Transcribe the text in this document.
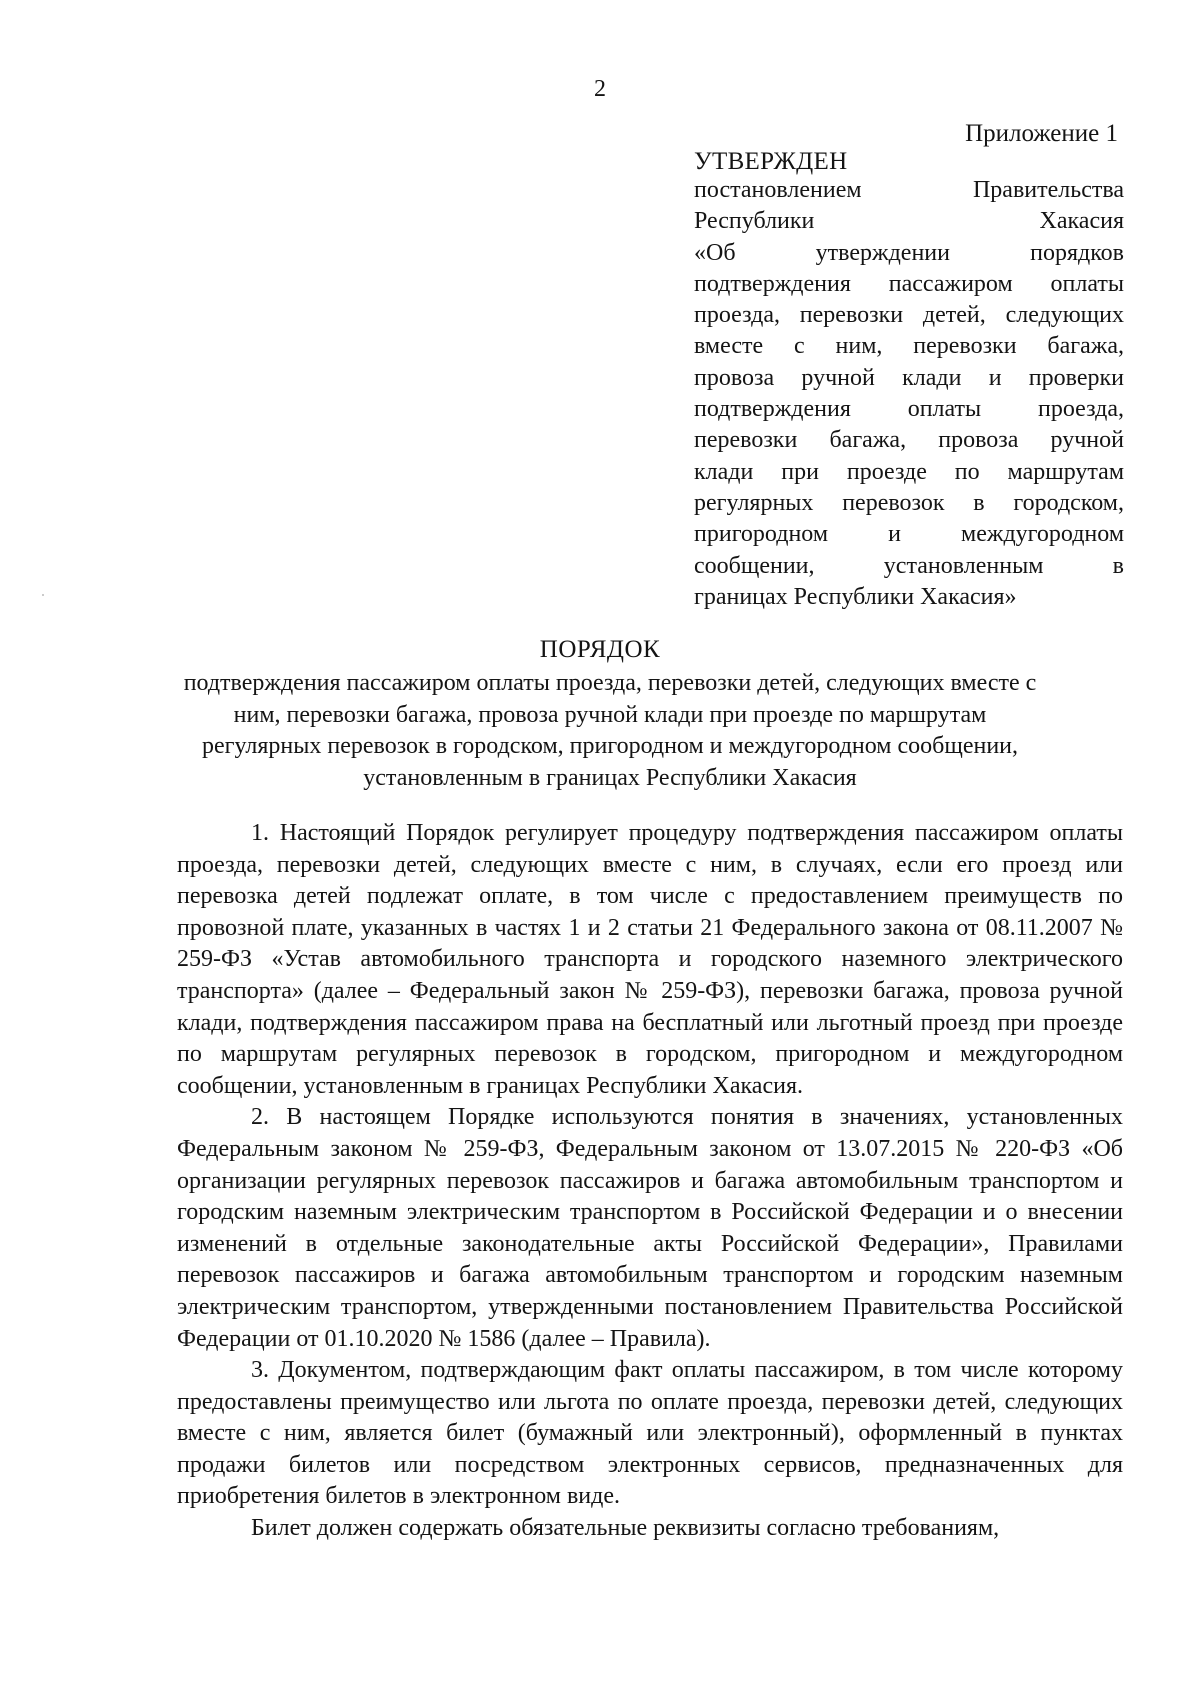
2
Приложение 1
УТВЕРЖДЕН
постановлением Правительства
Республики Хакасия
«Об утверждении порядков
подтверждения пассажиром оплаты
проезда, перевозки детей, следующих
вместе с ним, перевозки багажа,
провоза ручной клади и проверки
подтверждения оплаты проезда,
перевозки багажа, провоза ручной
клади при проезде по маршрутам
регулярных перевозок в городском,
пригородном и междугородном
сообщении, установленным в
границах Республики Хакасия»
ПОРЯДОК
подтверждения пассажиром оплаты проезда, перевозки детей, следующих вместе с
ним, перевозки багажа, провоза ручной клади при проезде по маршрутам
регулярных перевозок в городском, пригородном и междугородном сообщении,
установленным в границах Республики Хакасия

1. Настоящий Порядок регулирует процедуру подтверждения пассажиром оплаты проезда, перевозки детей, следующих вместе с ним, в случаях, если его проезд или перевозка детей подлежат оплате, в том числе с предоставлением преимуществ по провозной плате, указанных в частях 1 и 2 статьи 21 Федерального закона от 08.11.2007 № 259-ФЗ «Устав автомобильного транспорта и городского наземного электрического транспорта» (далее – Федеральный закон № 259-ФЗ), перевозки багажа, провоза ручной клади, подтверждения пассажиром права на бесплатный или льготный проезд при проезде по маршрутам регулярных перевозок в городском, пригородном и междугородном сообщении, установленным в границах Республики Хакасия.

2. В настоящем Порядке используются понятия в значениях, установленных Федеральным законом № 259-ФЗ, Федеральным законом от 13.07.2015 № 220-ФЗ «Об организации регулярных перевозок пассажиров и багажа автомобильным транспортом и городским наземным электрическим транспортом в Российской Федерации и о внесении изменений в отдельные законодательные акты Российской Федерации», Правилами перевозок пассажиров и багажа автомобильным транспортом и городским наземным электрическим транспортом, утвержденными постановлением Правительства Российской Федерации от 01.10.2020 № 1586 (далее – Правила).

3. Документом, подтверждающим факт оплаты пассажиром, в том числе которому предоставлены преимущество или льгота по оплате проезда, перевозки детей, следующих вместе с ним, является билет (бумажный или электронный), оформленный в пунктах продажи билетов или посредством электронных сервисов, предназначенных для приобретения билетов в электронном виде.

Билет должен содержать обязательные реквизиты согласно требованиям,
